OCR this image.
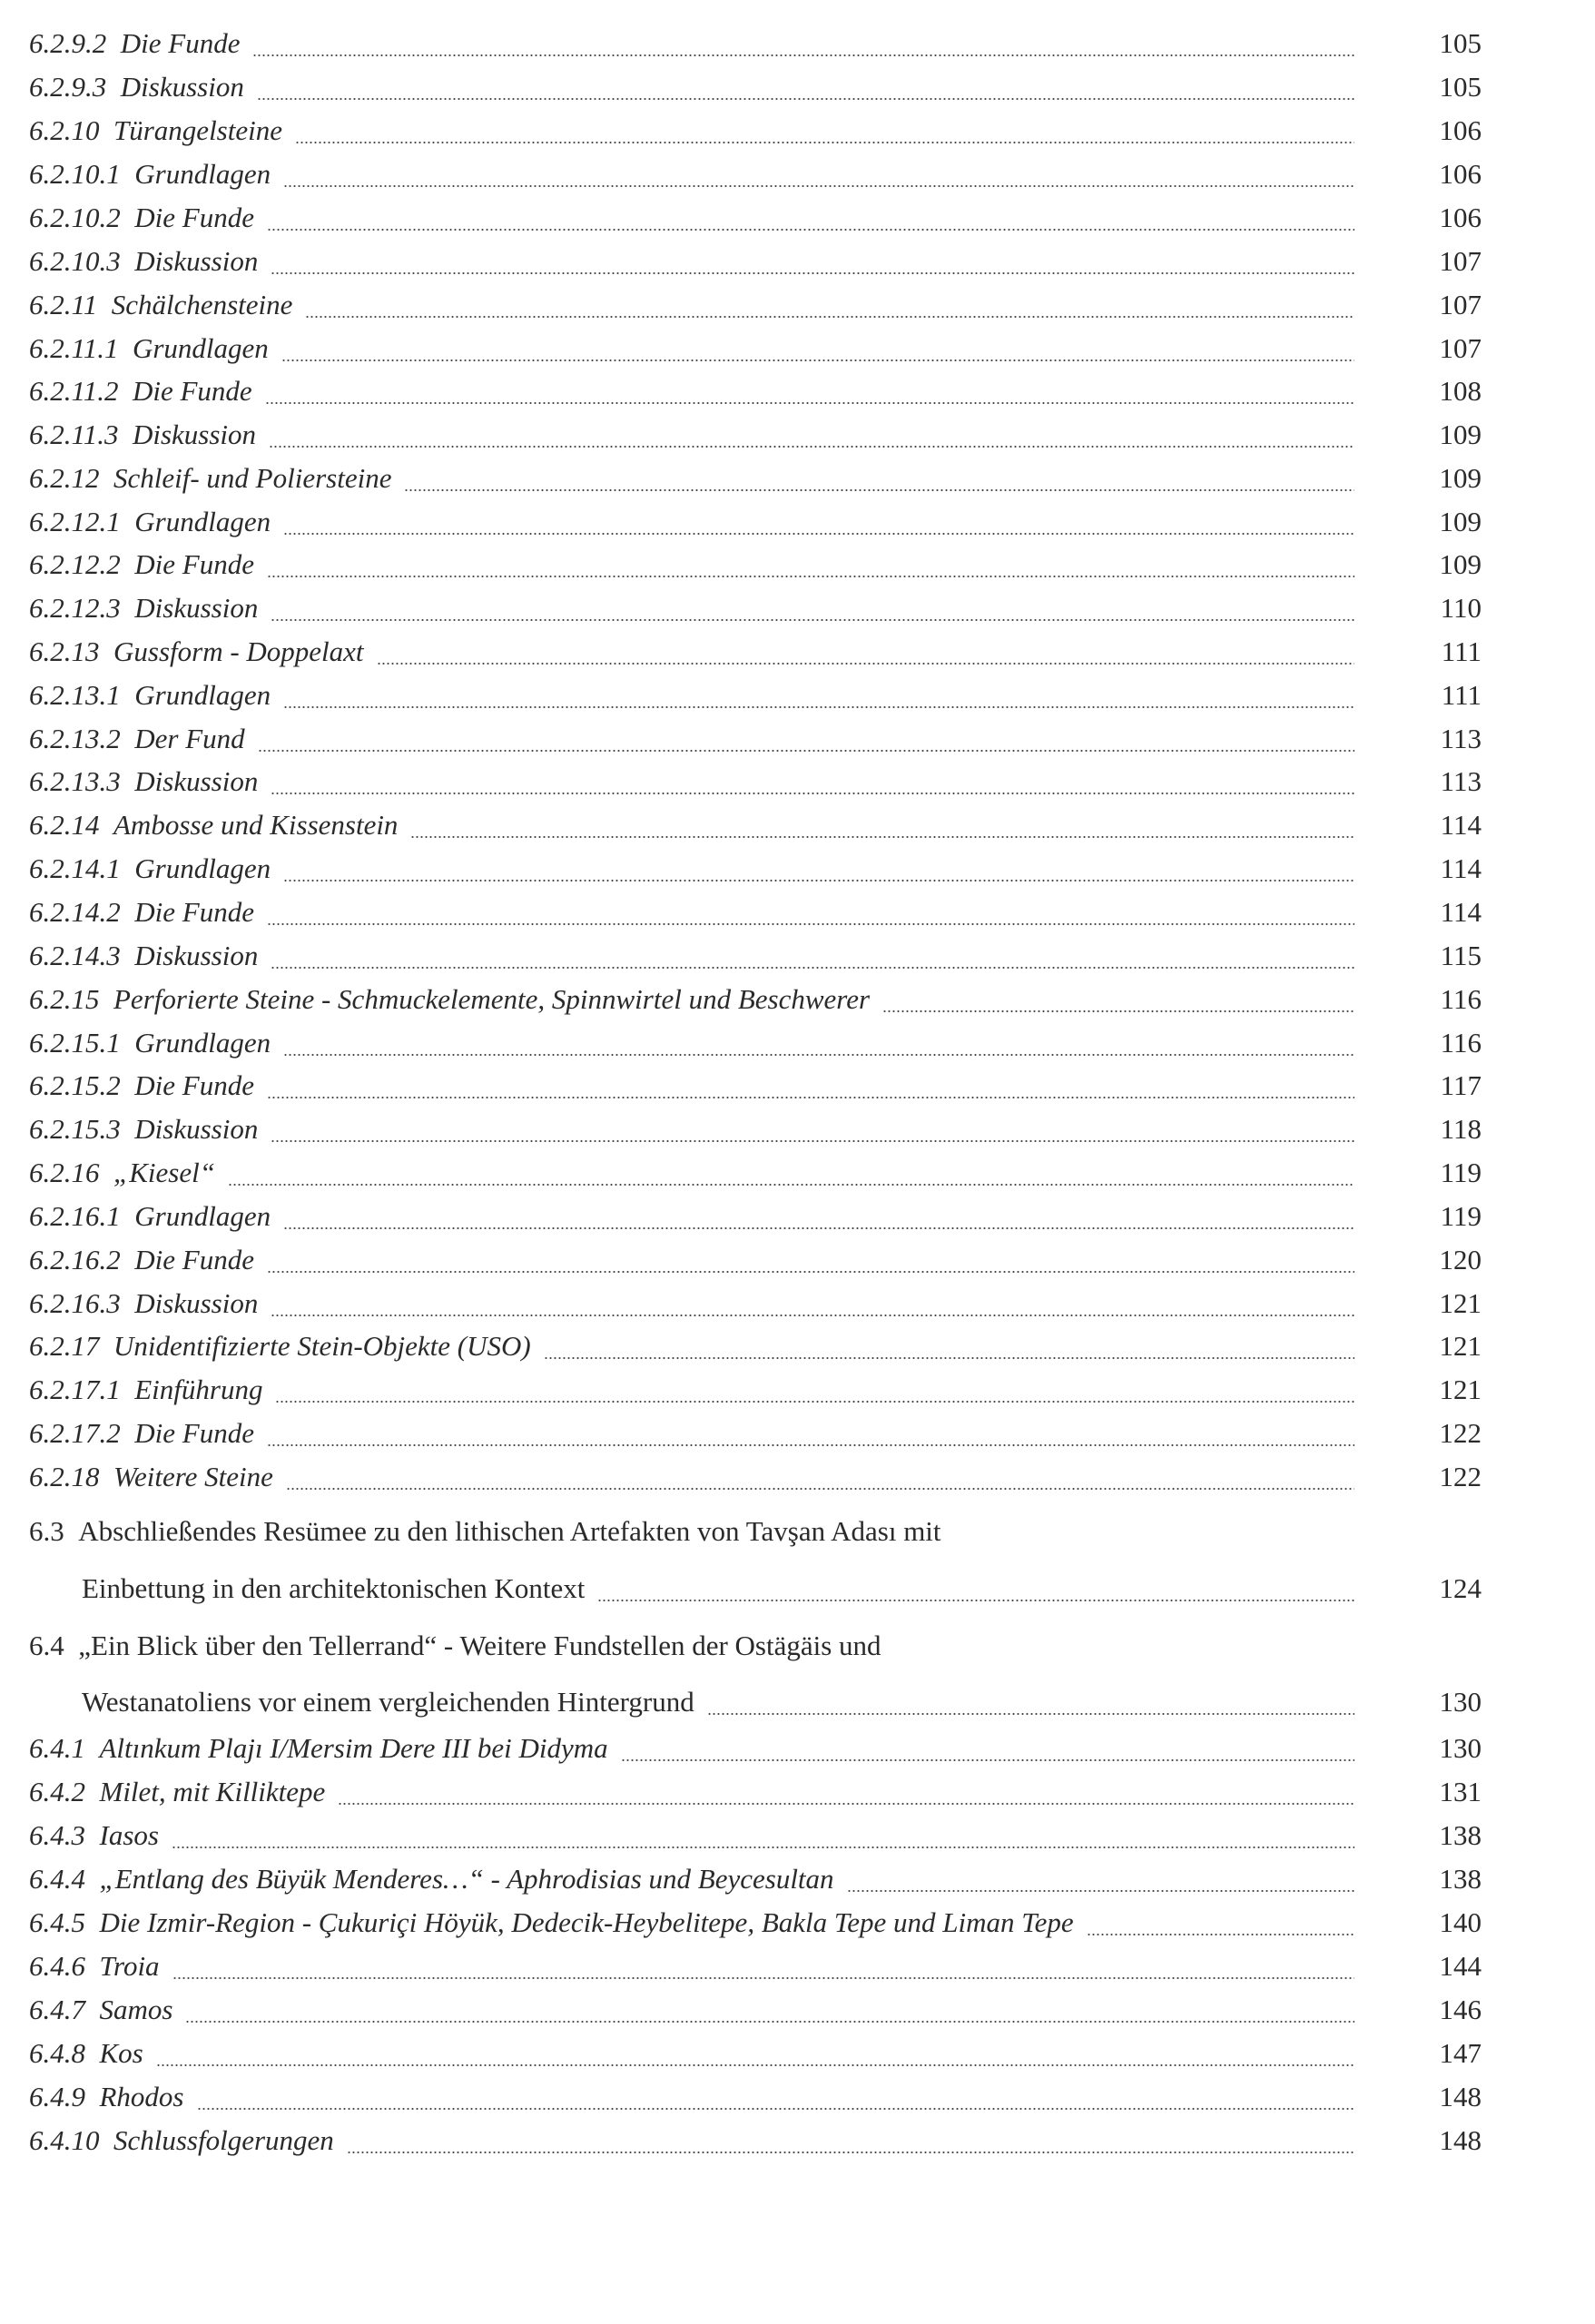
6.2.9.2 Die Funde	105
6.2.9.3 Diskussion	105
6.2.10 Türangelsteine	106
6.2.10.1 Grundlagen	106
6.2.10.2 Die Funde	106
6.2.10.3 Diskussion	107
6.2.11 Schälchensteine	107
6.2.11.1 Grundlagen	107
6.2.11.2 Die Funde	108
6.2.11.3 Diskussion	109
6.2.12 Schleif- und Poliersteine	109
6.2.12.1 Grundlagen	109
6.2.12.2 Die Funde	109
6.2.12.3 Diskussion	110
6.2.13 Gussform - Doppelaxt	111
6.2.13.1 Grundlagen	111
6.2.13.2 Der Fund	113
6.2.13.3 Diskussion	113
6.2.14 Ambosse und Kissenstein	114
6.2.14.1 Grundlagen	114
6.2.14.2 Die Funde	114
6.2.14.3 Diskussion	115
6.2.15 Perforierte Steine - Schmuckelemente, Spinnwirtel und Beschwerer	116
6.2.15.1 Grundlagen	116
6.2.15.2 Die Funde	117
6.2.15.3 Diskussion	118
6.2.16 „Kiesel“	119
6.2.16.1 Grundlagen	119
6.2.16.2 Die Funde	120
6.2.16.3 Diskussion	121
6.2.17 Unidentifizierte Stein-Objekte (USO)	121
6.2.17.1 Einführung	121
6.2.17.2 Die Funde	122
6.2.18 Weitere Steine	122
6.3 Abschließendes Resümee zu den lithischen Artefakten von Tavşan Adası mit
Einbettung in den architektonischen Kontext	124
6.4 „Ein Blick über den Tellerrand“ - Weitere Fundstellen der Ostägäis und
Westanatoliens vor einem vergleichenden Hintergrund	130
6.4.1 Altınkum Plajı I/Mersim Dere III bei Didyma	130
6.4.2 Milet, mit Killiktepe	131
6.4.3 Iasos	138
6.4.4 „Entlang des Büyük Menderes…“ - Aphrodisias und Beycesultan	138
6.4.5 Die Izmir-Region - Çukuriçi Höyük, Dedecik-Heybelitepe, Bakla Tepe und Liman Tepe	140
6.4.6 Troia	144
6.4.7 Samos	146
6.4.8 Kos	147
6.4.9 Rhodos	148
6.4.10 Schlussfolgerungen	148
